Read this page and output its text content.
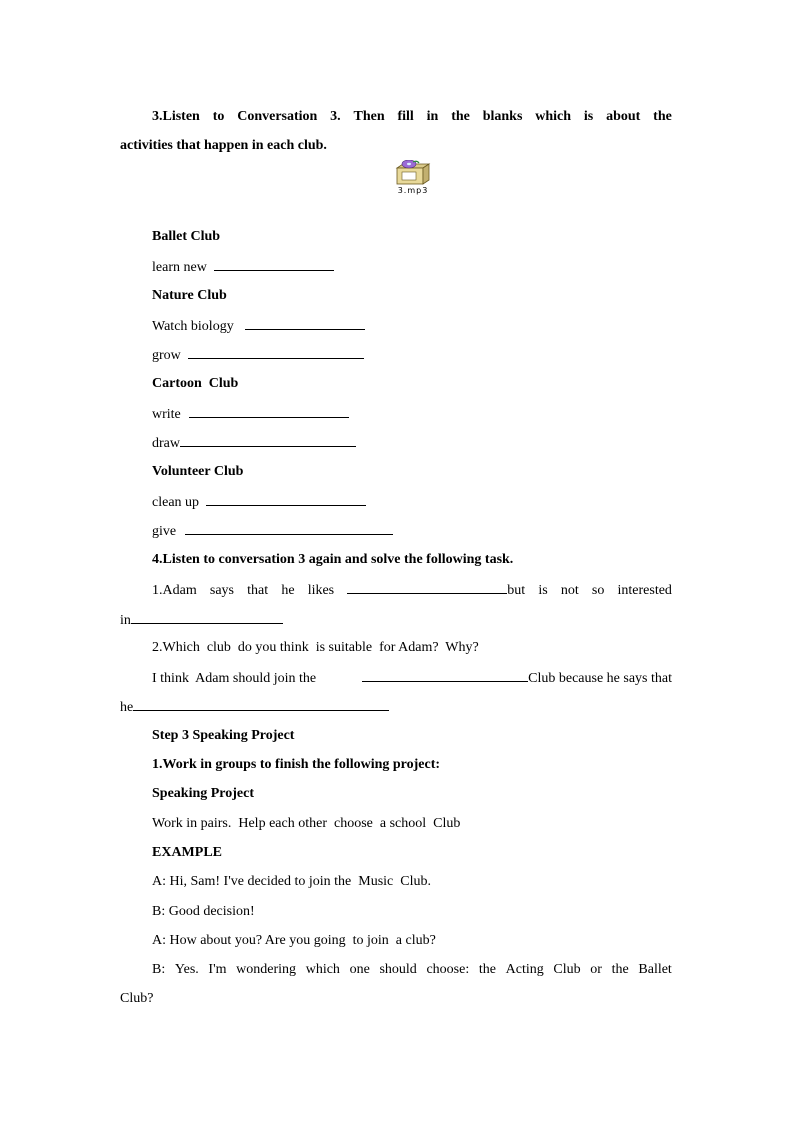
3.Listen to Conversation 3. Then fill in the blanks which is about the
activities that happen in each club.
3.mp3
Ballet Club
learn new
Nature Club
Watch biology
grow
Cartoon  Club
write
draw
Volunteer Club
clean up
give
4.Listen to conversation 3 again and solve the following task.
1.Adam says that he likes	but is not so interested
in
2.Which  club  do you think  is suitable  for Adam?  Why?
I think  Adam should join the	Club because he says that
he
Step 3 Speaking Project
1.Work in groups to finish the following project:
Speaking Project
Work in pairs.  Help each other  choose  a school  Club
EXAMPLE
A: Hi, Sam! I've decided to join the  Music  Club.
B: Good decision!
A: How about you? Are you going  to join  a club?
B: Yes. I'm wondering which one should choose: the Acting Club or the Ballet
Club?
